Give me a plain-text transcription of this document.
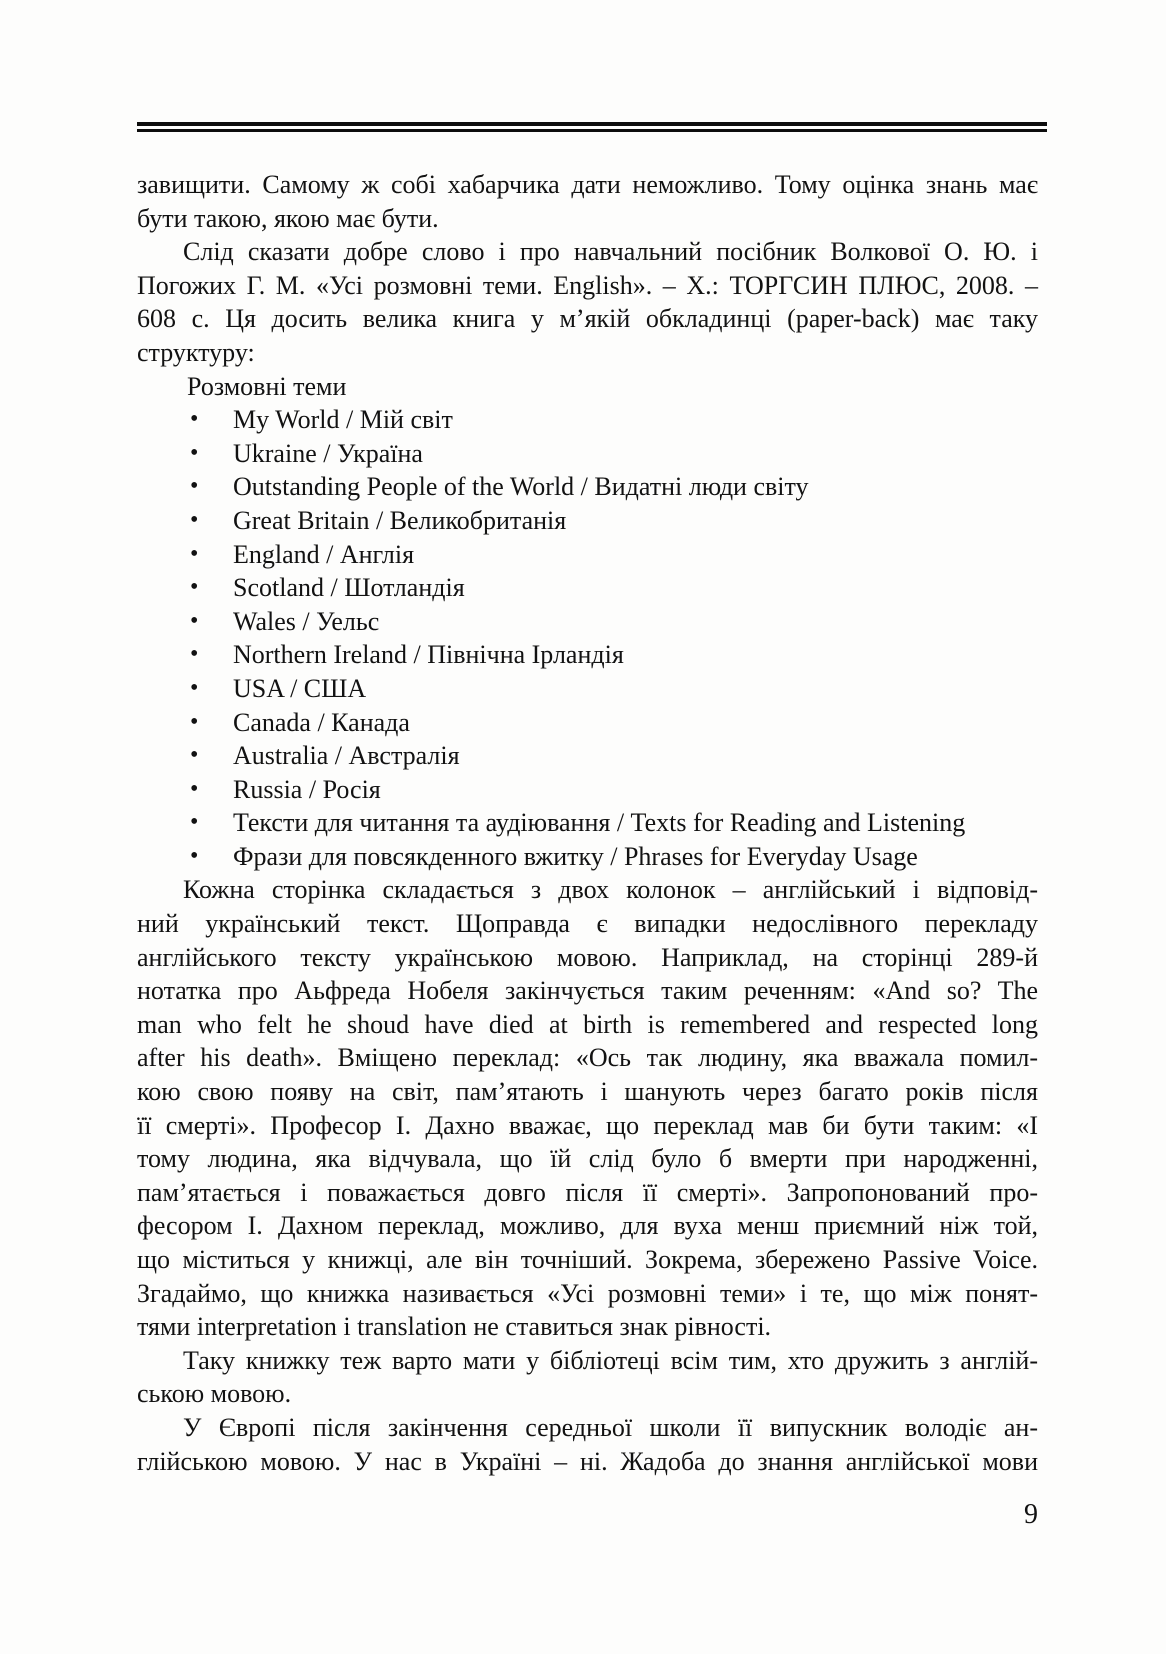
завищити. Самому ж собі хабарчика дати неможливо. Тому оцінка знань має
бути такою, якою має бути.
Слід сказати добре слово і про навчальний посібник Волкової О. Ю. і
Погожих Г. М. «Усі розмовні теми. English». – Х.: ТОРГСИН ПЛЮС, 2008. –
608 с. Ця досить велика книга у м’якій обкладинці (paper-back) має таку
структуру:
Розмовні теми
•	My World / Мій світ
•	Ukraine / Україна
•	Outstanding People of the World / Видатні люди світу
•	Great Britain / Великобританія
•	England / Англія
•	Scotland / Шотландія
•	Wales / Уельс
•	Northern Ireland / Північна Ірландія
•	USA / США
•	Canada / Канада
•	Australia / Австралія
•	Russia / Росія
•	Тексти для читання та аудіювання / Texts for Reading and Listening
•	Фрази для повсякденного вжитку / Phrases for Everyday Usage
Кожна сторінка складається з двох колонок – англійський і відповід-
ний український текст. Щоправда є випадки недослівного перекладу
англійського тексту українською мовою. Наприклад, на сторінці 289-й
нотатка про Аьфреда Нобеля закінчується таким реченням: «And so? The
man who felt he shoud have died at birth is remembered and respected long
after his death». Вміщено переклад: «Ось так людину, яка вважала помил-
кою свою появу на світ, пам’ятають і шанують через багато років після
її смерті». Професор І. Дахно вважає, що переклад мав би бути таким: «І
тому людина, яка відчувала, що їй слід було б вмерти при народженні,
пам’ятається і поважається довго після її смерті». Запропонований про-
фесором І. Дахном переклад, можливо, для вуха менш приємний ніж той,
що міститься у книжці, але він точніший. Зокрема, збережено Passive Voice.
Згадаймо, що книжка називається «Усі розмовні теми» і те, що між понят-
тями interpretation і translation не ставиться знак рівності.
Таку книжку теж варто мати у бібліотеці всім тим, хто дружить з англій-
ською мовою.
У Європі після закінчення середньої школи її випускник володіє ан-
глійською мовою. У нас в Україні – ні. Жадоба до знання англійської мови
9
